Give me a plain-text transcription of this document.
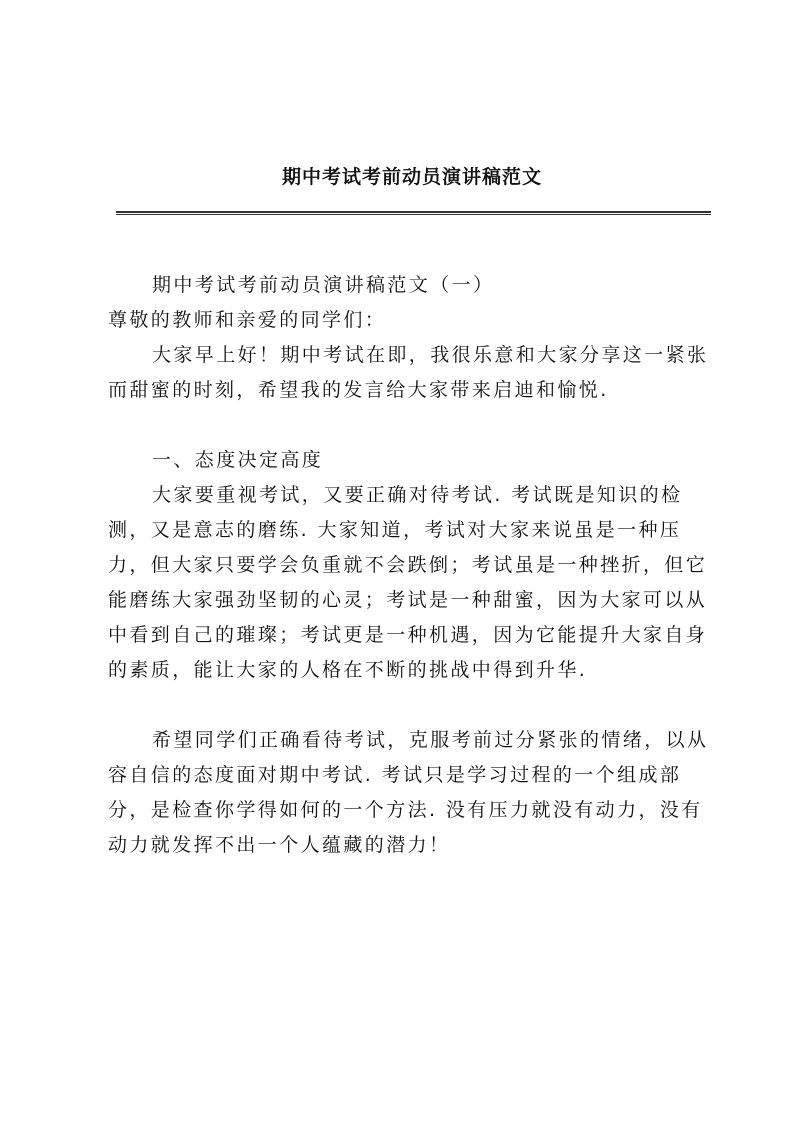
期中考试考前动员演讲稿范文
期中考试考前动员演讲稿范文（一）
尊敬的教师和亲爱的同学们：
大家早上好！期中考试在即，我很乐意和大家分享这一紧张
而甜蜜的时刻，希望我的发言给大家带来启迪和愉悦.
一、态度决定高度
大家要重视考试，又要正确对待考试. 考试既是知识的检
测，又是意志的磨练. 大家知道，考试对大家来说虽是一种压
力，但大家只要学会负重就不会跌倒；考试虽是一种挫折，但它
能磨练大家强劲坚韧的心灵；考试是一种甜蜜，因为大家可以从
中看到自己的璀璨；考试更是一种机遇，因为它能提升大家自身
的素质，能让大家的人格在不断的挑战中得到升华.
希望同学们正确看待考试，克服考前过分紧张的情绪，以从
容自信的态度面对期中考试. 考试只是学习过程的一个组成部
分，是检查你学得如何的一个方法. 没有压力就没有动力，没有
动力就发挥不出一个人蕴藏的潜力！
